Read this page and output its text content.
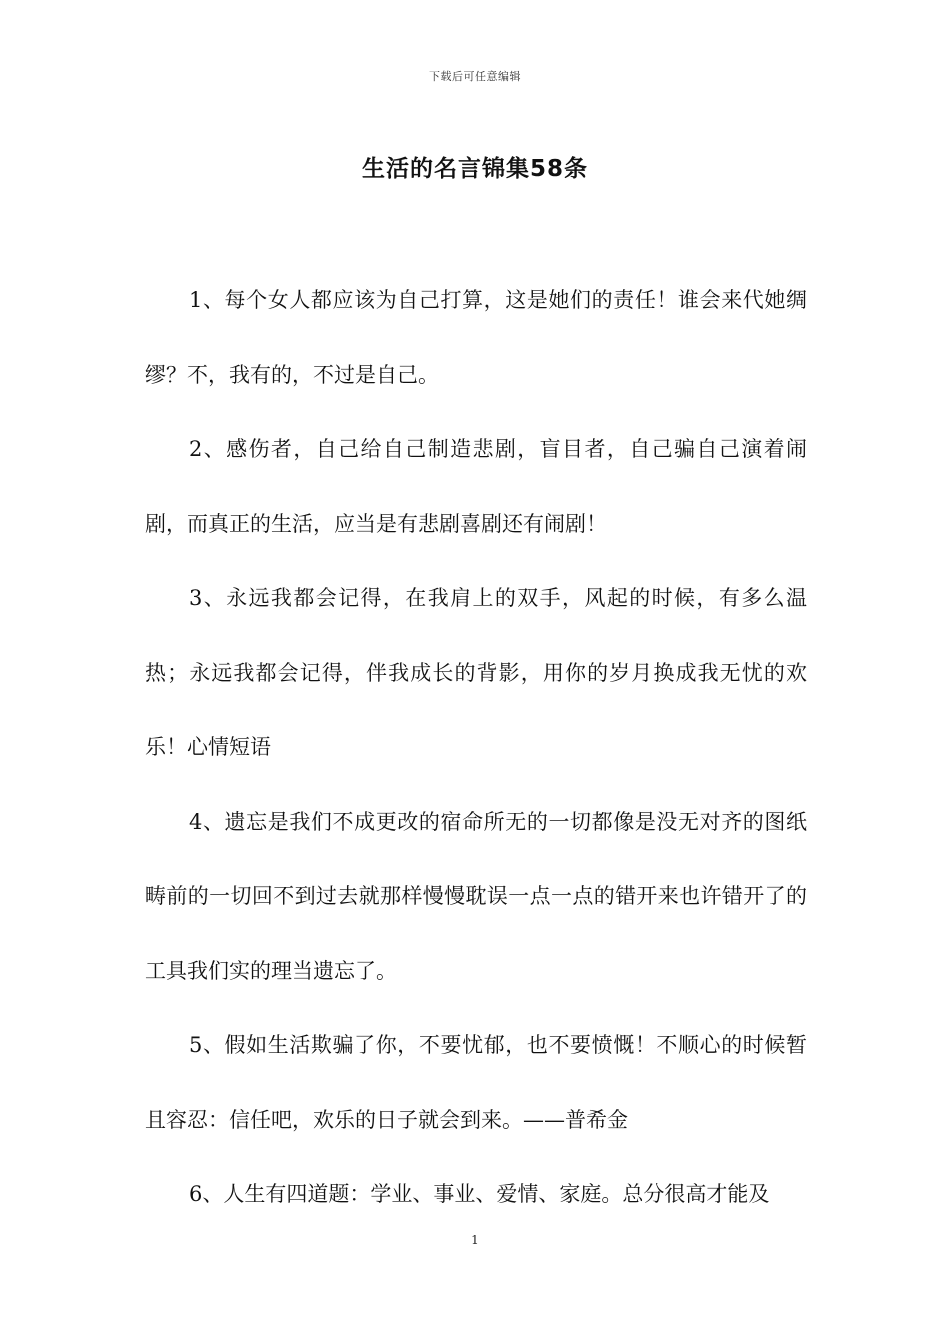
下载后可任意编辑
生活的名言锦集58条

1、每个女人都应该为自己打算，这是她们的责任！谁会来代她绸缪？不，我有的，不过是自己。

2、感伤者，自己给自己制造悲剧，盲目者，自己骗自己演着闹剧，而真正的生活，应当是有悲剧喜剧还有闹剧！

3、永远我都会记得，在我肩上的双手，风起的时候，有多么温热；永远我都会记得，伴我成长的背影，用你的岁月换成我无忧的欢乐！心情短语

4、遗忘是我们不成更改的宿命所无的一切都像是没无对齐的图纸畴前的一切回不到过去就那样慢慢耽误一点一点的错开来也许错开了的工具我们实的理当遗忘了。

5、假如生活欺骗了你，不要忧郁，也不要愤慨！不顺心的时候暂且容忍：信任吧，欢乐的日子就会到来。——普希金

6、人生有四道题：学业、事业、爱情、家庭。总分很高才能及

1
